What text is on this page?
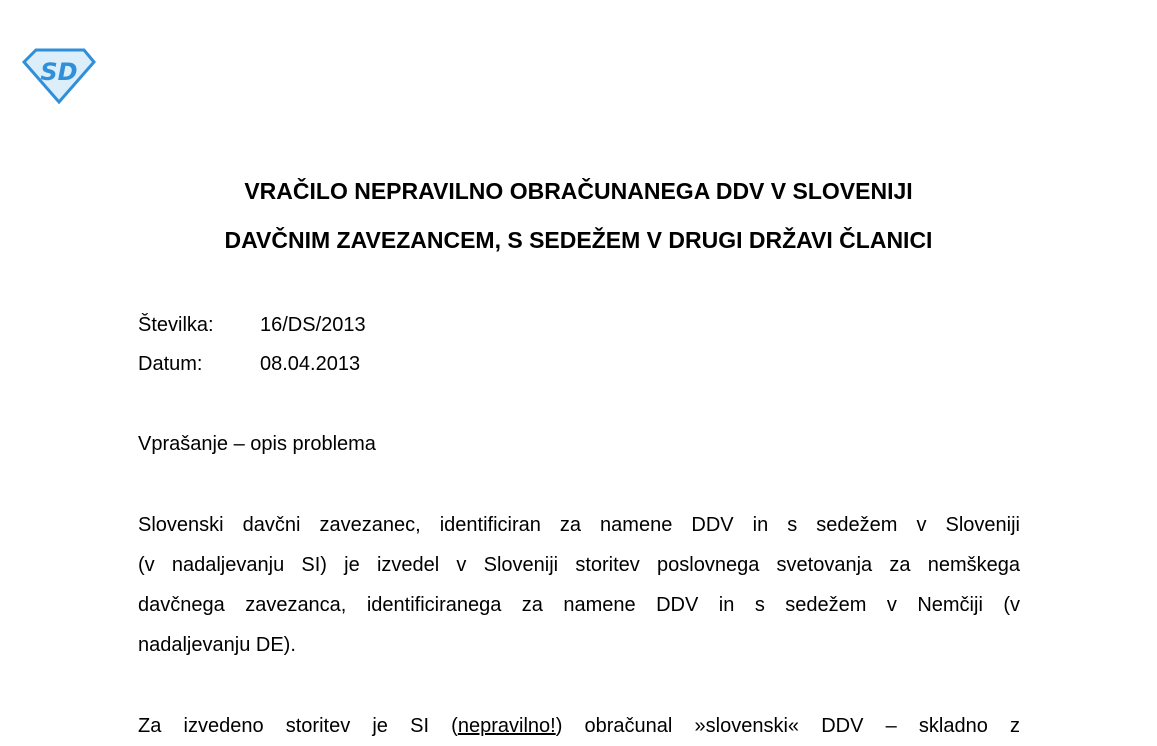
SD
VRAČILO NEPRAVILNO OBRAČUNANEGA DDV V SLOVENIJI
DAVČNIM ZAVEZANCEM, S SEDEŽEM V DRUGI DRŽAVI ČLANICI
Številka: 16/DS/2013
Datum:	08.04.2013
Vprašanje – opis problema
Slovenski davčni zavezanec, identificiran za namene DDV in s sedežem v Sloveniji
(v nadaljevanju SI) je izvedel v Sloveniji storitev poslovnega svetovanja za nemškega
davčnega zavezanca, identificiranega za namene DDV in s sedežem v Nemčiji (v
nadaljevanju DE).
Za izvedeno storitev je SI (nepravilno!) obračunal »slovenski« DDV – skladno z
